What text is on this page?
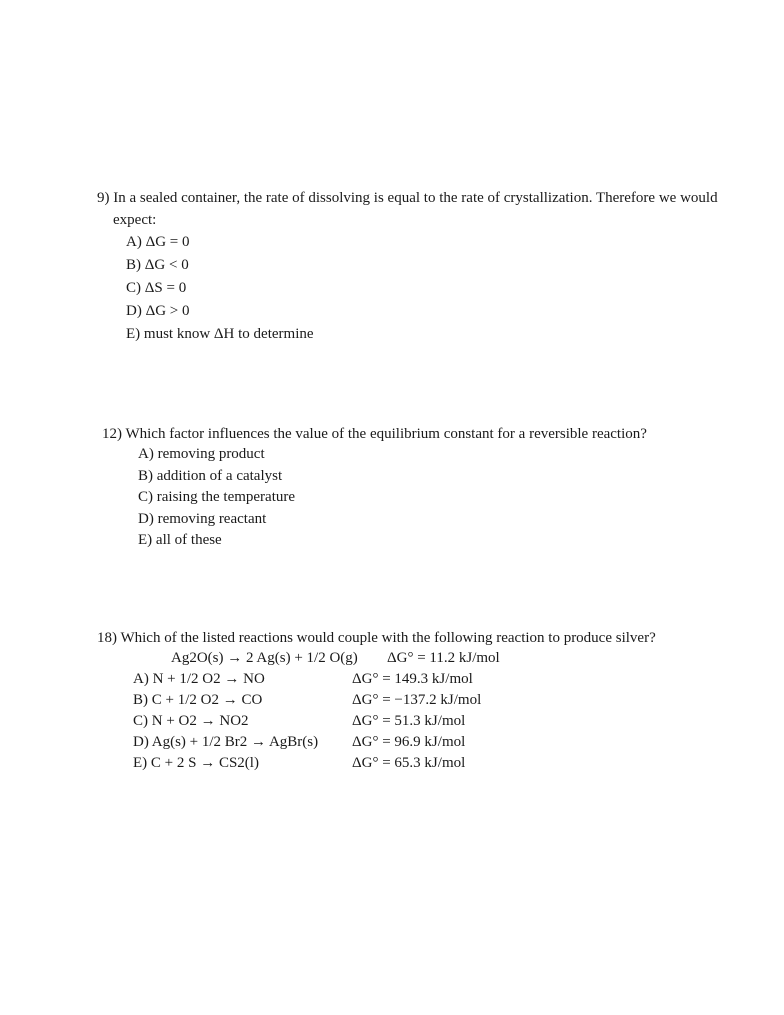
9) In a sealed container, the rate of dissolving is equal to the rate of crystallization. Therefore we would
expect:
A) ΔG = 0
B) ΔG < 0
C) ΔS = 0
D) ΔG > 0
E) must know ΔH to determine
12) Which factor influences the value of the equilibrium constant for a reversible reaction?
A) removing product
B) addition of a catalyst
C) raising the temperature
D) removing reactant
E) all of these
18) Which of the listed reactions would couple with the following reaction to produce silver?
Ag2O(s) → 2 Ag(s) + 1/2 O(g) ΔG° = 11.2 kJ/mol
A) N + 1/2 O2 → NO	ΔG° = 149.3 kJ/mol
B) C + 1/2 O2 → CO	ΔG° = −137.2 kJ/mol
C) N + O2 → NO2	ΔG° = 51.3 kJ/mol
D) Ag(s) + 1/2 Br2 → AgBr(s) ΔG° = 96.9 kJ/mol
E) C + 2 S → CS2(l)	ΔG° = 65.3 kJ/mol
